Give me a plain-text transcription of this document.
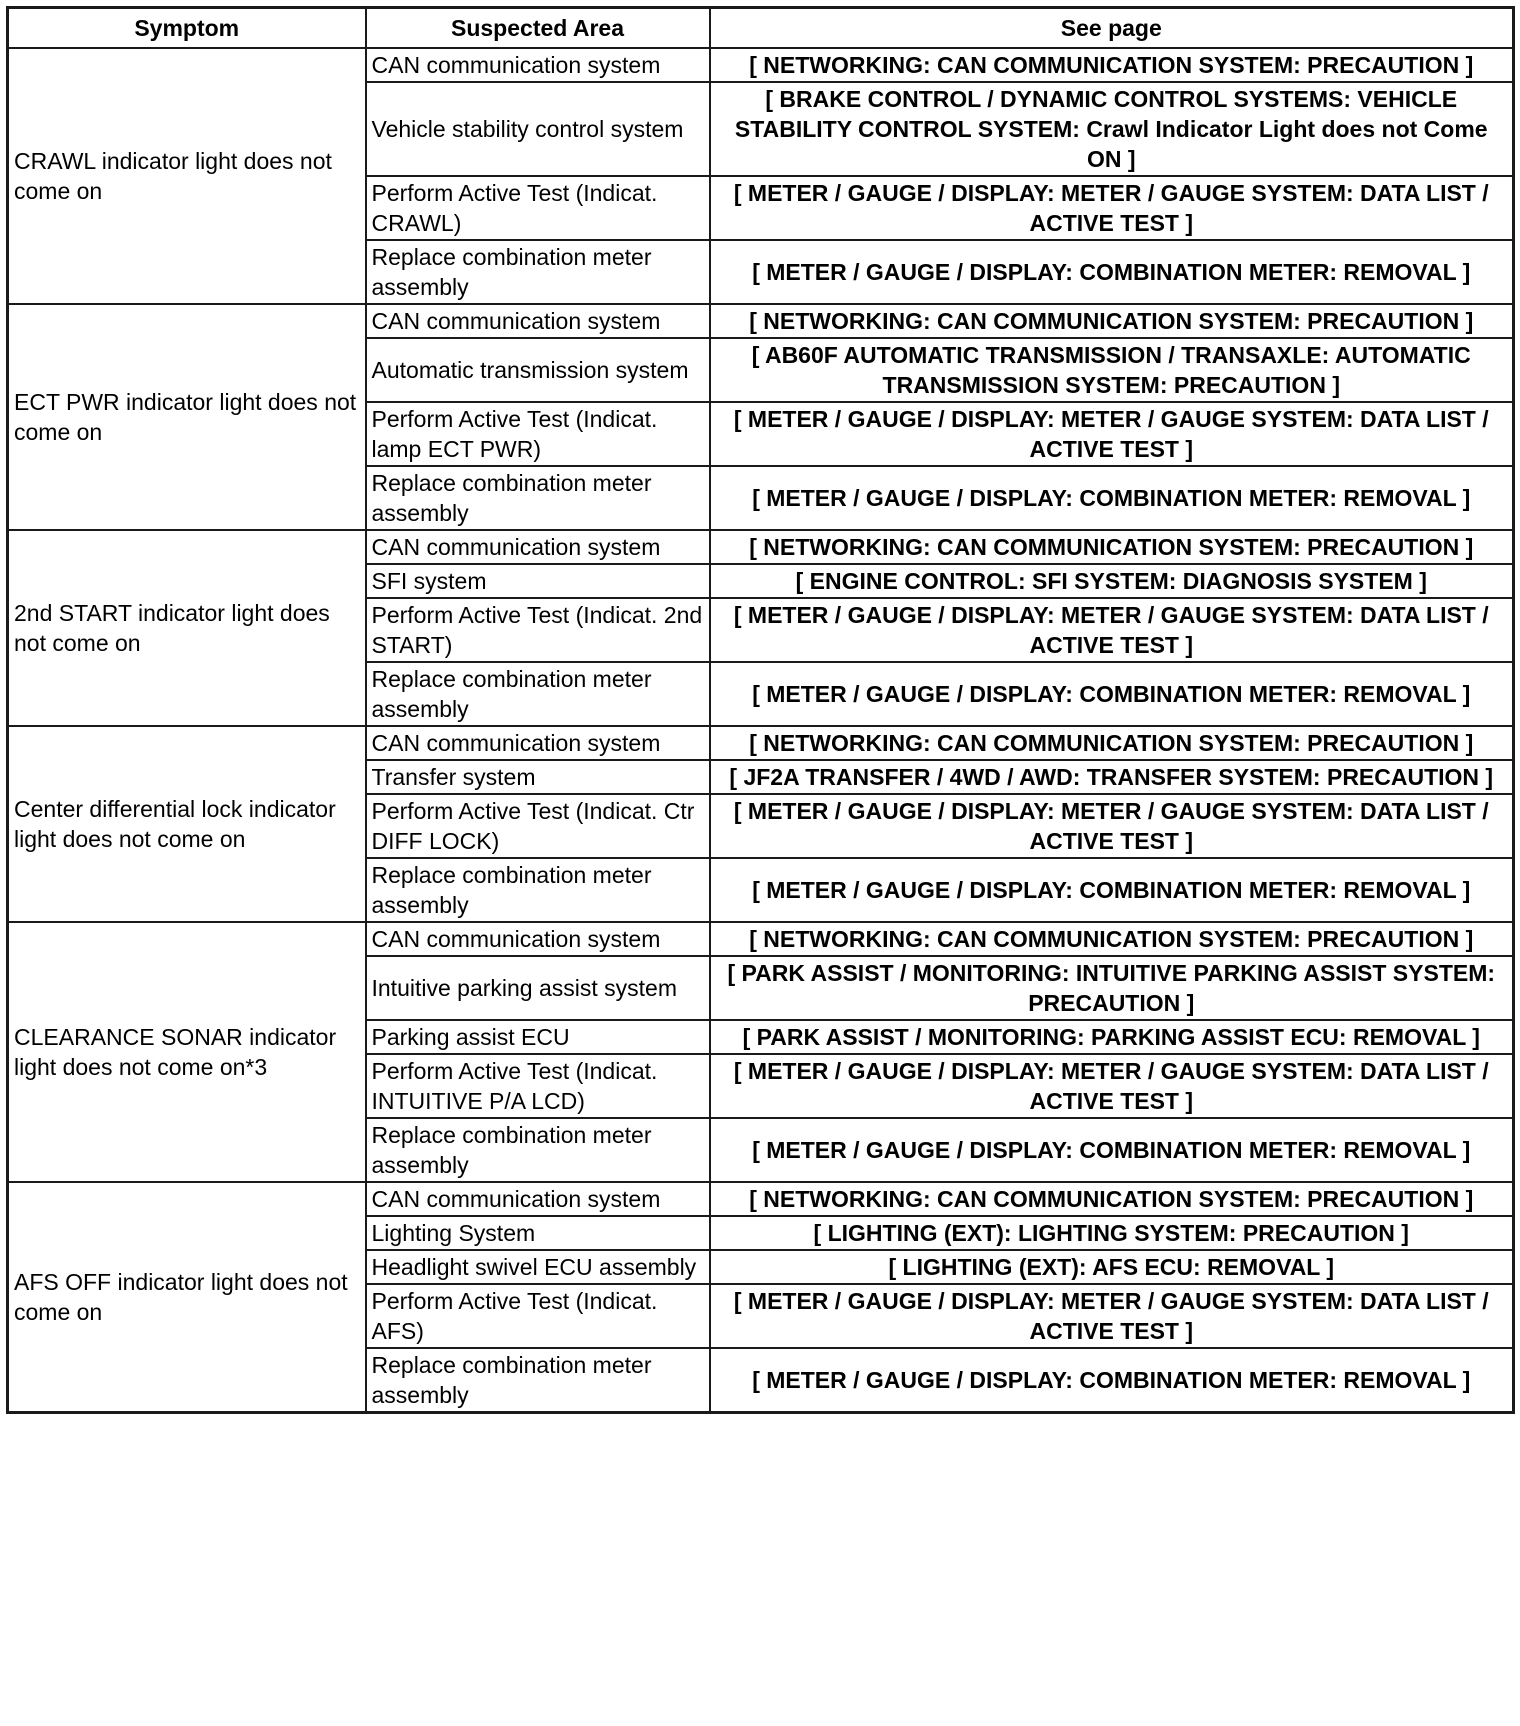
Symptom	Suspected Area	See page
CRAWL indicator light does not come on	CAN communication system	[ NETWORKING: CAN COMMUNICATION SYSTEM: PRECAUTION ]
	Vehicle stability control system	[ BRAKE CONTROL / DYNAMIC CONTROL SYSTEMS: VEHICLE STABILITY CONTROL SYSTEM: Crawl Indicator Light does not Come ON ]
	Perform Active Test (Indicat. CRAWL)	[ METER / GAUGE / DISPLAY: METER / GAUGE SYSTEM: DATA LIST / ACTIVE TEST ]
	Replace combination meter assembly	[ METER / GAUGE / DISPLAY: COMBINATION METER: REMOVAL ]
ECT PWR indicator light does not come on	CAN communication system	[ NETWORKING: CAN COMMUNICATION SYSTEM: PRECAUTION ]
	Automatic transmission system	[ AB60F AUTOMATIC TRANSMISSION / TRANSAXLE: AUTOMATIC TRANSMISSION SYSTEM: PRECAUTION ]
	Perform Active Test (Indicat. lamp ECT PWR)	[ METER / GAUGE / DISPLAY: METER / GAUGE SYSTEM: DATA LIST / ACTIVE TEST ]
	Replace combination meter assembly	[ METER / GAUGE / DISPLAY: COMBINATION METER: REMOVAL ]
2nd START indicator light does not come on	CAN communication system	[ NETWORKING: CAN COMMUNICATION SYSTEM: PRECAUTION ]
	SFI system	[ ENGINE CONTROL: SFI SYSTEM: DIAGNOSIS SYSTEM ]
	Perform Active Test (Indicat. 2nd START)	[ METER / GAUGE / DISPLAY: METER / GAUGE SYSTEM: DATA LIST / ACTIVE TEST ]
	Replace combination meter assembly	[ METER / GAUGE / DISPLAY: COMBINATION METER: REMOVAL ]
Center differential lock indicator light does not come on	CAN communication system	[ NETWORKING: CAN COMMUNICATION SYSTEM: PRECAUTION ]
	Transfer system	[ JF2A TRANSFER / 4WD / AWD: TRANSFER SYSTEM: PRECAUTION ]
	Perform Active Test (Indicat. Ctr DIFF LOCK)	[ METER / GAUGE / DISPLAY: METER / GAUGE SYSTEM: DATA LIST / ACTIVE TEST ]
	Replace combination meter assembly	[ METER / GAUGE / DISPLAY: COMBINATION METER: REMOVAL ]
CLEARANCE SONAR indicator light does not come on*3	CAN communication system	[ NETWORKING: CAN COMMUNICATION SYSTEM: PRECAUTION ]
	Intuitive parking assist system	[ PARK ASSIST / MONITORING: INTUITIVE PARKING ASSIST SYSTEM: PRECAUTION ]
	Parking assist ECU	[ PARK ASSIST / MONITORING: PARKING ASSIST ECU: REMOVAL ]
	Perform Active Test (Indicat. INTUITIVE P/A LCD)	[ METER / GAUGE / DISPLAY: METER / GAUGE SYSTEM: DATA LIST / ACTIVE TEST ]
	Replace combination meter assembly	[ METER / GAUGE / DISPLAY: COMBINATION METER: REMOVAL ]
AFS OFF indicator light does not come on	CAN communication system	[ NETWORKING: CAN COMMUNICATION SYSTEM: PRECAUTION ]
	Lighting System	[ LIGHTING (EXT): LIGHTING SYSTEM: PRECAUTION ]
	Headlight swivel ECU assembly	[ LIGHTING (EXT): AFS ECU: REMOVAL ]
	Perform Active Test (Indicat. AFS)	[ METER / GAUGE / DISPLAY: METER / GAUGE SYSTEM: DATA LIST / ACTIVE TEST ]
	Replace combination meter assembly	[ METER / GAUGE / DISPLAY: COMBINATION METER: REMOVAL ]
